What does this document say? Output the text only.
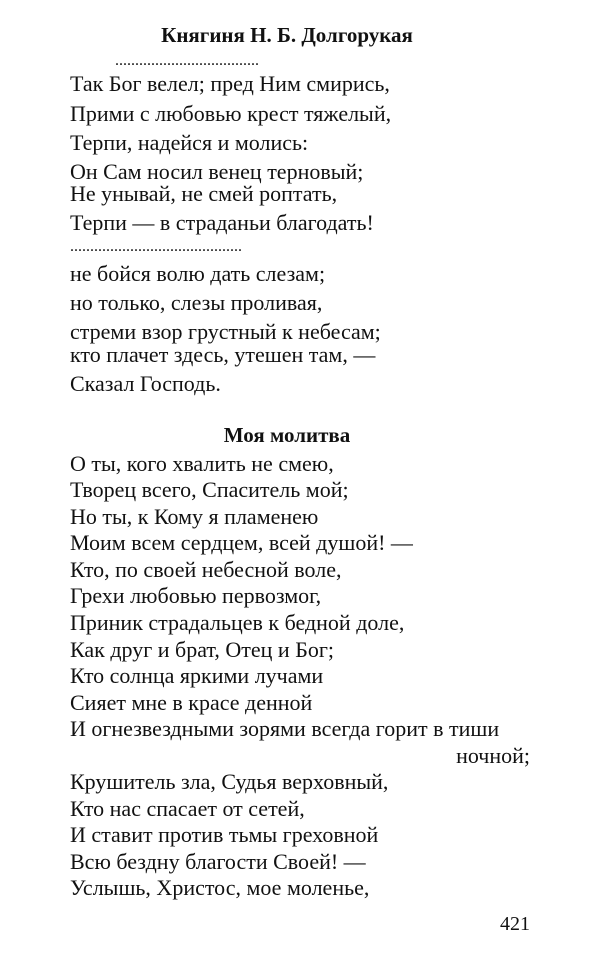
Княгиня Н. Б. Долгорукая
....................................
Так Бог велел; пред Ним смирись,
Прими с любовью крест тяжелый,
Терпи, надейся и молись:
Он Сам носил венец терновый;
Не унывай, не смей роптать,
Терпи — в страданьи благодать!
...........................................
не бойся волю дать слезам;
но только, слезы проливая,
стреми взор грустный к небесам;
кто плачет здесь, утешен там, —
Сказал Господь.
Моя молитва
О ты, кого хвалить не смею,
Творец всего, Спаситель мой;
Но ты, к Кому я пламенею
Моим всем сердцем, всей душой! —
Кто, по своей небесной воле,
Грехи любовью первозмог,
Приник страдальцев к бедной доле,
Как друг и брат, Отец и Бог;
Кто солнца яркими лучами
Сияет мне в красе денной
И огнезвездными зорями всегда горит в тиши
ночной;
Крушитель зла, Судья верховный,
Кто нас спасает от сетей,
И ставит против тьмы греховной
Всю бездну благости Своей! —
Услышь, Христос, мое моленье,
421
